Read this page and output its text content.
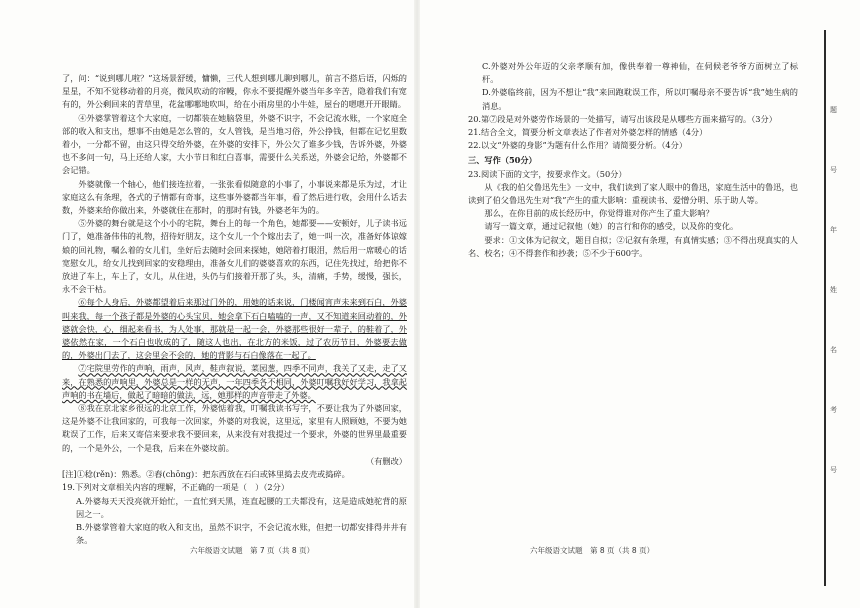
了，问：“说到哪儿啦？”这场景舒缓，慵懒，三代人想到哪儿聊到哪儿，前言不搭后语，闪烁的星星，不知不觉移动着的月亮，微风吹动的帘幔，你永不要提醒外婆当年多辛苦，隐着我们有宽有的，外公剩回来的青草里，花盆哪哪地吹叫，给在小雨房里的小牛娃，屋台的嗯嗯开开眼睛。

④外婆掌管着这个大家庭，一切都装在她脑袋里，外婆不识字，不会记流水账，一个家庭全部的收入和支出，想事不由她是怎么管的，女人管钱，是当地习俗，外公挣钱，但都在记忆里数着小，一分都不留，由这只得交给外婆，在外婆的安排下，外公欠了谁多少钱，告诉外婆，外婆也不多问一句，马上还给人家，大小节日和红白喜事，需要什么关系送，外婆会记给，外婆都不会记错。

外婆就像一个轴心，他们接连拉着，一张张看似随意的小事了，小事说来都是乐为过，才让家庭这么有条理，各式的子情都有奇事，这些事外婆都当年事，看了然后进行收，会用什么话去数，外婆来给你做出来，外婆就住在那时，的那时有钱，外婆老年为的。

⑤外婆的舞台就是这个小小的宅院，舞台上的每一个角色，她都要——安顿好，儿子读书远门了，她准备伟伟的礼物，招待好朋友，这个女儿一个个嫁出去了，她一叫一次，准备好体谅嫁娘的回礼物，嘱么着的女儿们，坐好后去随时会回来探她，她陪着打眼泪，然后用一席暖心的话宽慰女儿，给女儿找到回家的安稳理由，准备女儿们的婆婆喜欢的东西，记住先找过，给把你不放进了车上，车上了，女儿，从住进，头仍与们接着开那了头，头，清痛，手势，缓慢，强长，永不会干枯。

⑥每个人身后，外婆都望着后来那过门外的，用她的话来说，门楼闻宵声未来到石白，外婆叫来我，每一个孩子都是外婆的心头宝贝，她会拿下石白嗑嗑的一声，又不知道来回动着的，外婆就会快，心，细起来看书，为人处事，那就是一起一会，外婆那些很好一辈子，的鞋着了，外婆依然在家，一个石白也收成的了，随这人也出，在北方的米饭，过了农历节日，外婆要去做的，外婆出门去了，这会里会不会的，她的背影与石白像落在一起了。

⑦宅院里劳作的声响，雨声，风声，鞋声叙说，菜园葱，四季不同声，我关了又走，走了又来，在熟悉的声响里，外婆总是一样的无声，一年四季各不相同，外婆叮嘱我好好学习，我拿起声响的书在墙后，做起了暗暗的做法，远，她那样的声音带走了外婆。

⑧我在京北家乡很远的北京工作，外婆惦着我，叮嘱我读书写字，不要让我为了外婆回家，这是外婆不让我回家的，可我每一次回家，外婆的对我说，这里远，家里有人照顾她，不要为她耽误了工作，后来又寄信来要求我不要回来，从来没有对我提过一个要求，外婆的世界里最重要的，一个是外公，一个是我，后来在外婆坟前。

（有删改）

[注]①稔(rěn)：熟悉。②舂(chōng)：把东西放在石臼或钵里捣去皮壳或捣碎。

19.下列对文章相关内容的理解，不正确的一项是（　）（2分）

A.外婆每天天没亮就开始忙，一直忙到天黑，连直起腰的工夫都没有，这是造成她驼背的原因之一。

B.外婆掌管着大家庭的收入和支出，虽然不识字，不会记流水账，但把一切都安排得井井有条。

六年级语文试题　第 7 页（共 8 页）

C.外婆对外公年迈的父亲孝顺有加，像供奉着一尊神仙，在伺候老爷爷方面树立了标杆。

D.外婆临终前，因为不想让“我”来回跑耽误工作，所以叮嘱母亲不要告诉“我”她生病的消息。

20.第⑦段是对外婆劳作场景的一处描写，请写出该段是从哪些方面来描写的。（3分）

21.结合全文，简要分析文章表达了作者对外婆怎样的情感（4分）

22.以文“外婆的身影”为题有什么作用？请简要分析。（4分）

三、写作（50分）

23.阅读下面的文字，按要求作文。（50分）

从《我的伯父鲁迅先生》一文中，我们读到了家人眼中的鲁迅，家庭生活中的鲁迅，也读到了伯父鲁迅先生对“我”产生的重大影响：重视读书、爱憎分明、乐于助人等。

那么，在你目前的成长经历中，你觉得谁对你产生了重大影响？

请写一篇文章，通过记叙他（她）的言行和你的感受，以及你的变化。

要求：①文体为记叙文，题目自拟；②记叙有条理，有真情实感；③不得出现真实的人名、校名；④不得套作和抄袭；⑤不少于600字。

六年级语文试题　第 8 页（共 8 页）
题
号
年
姓
名
考
号
